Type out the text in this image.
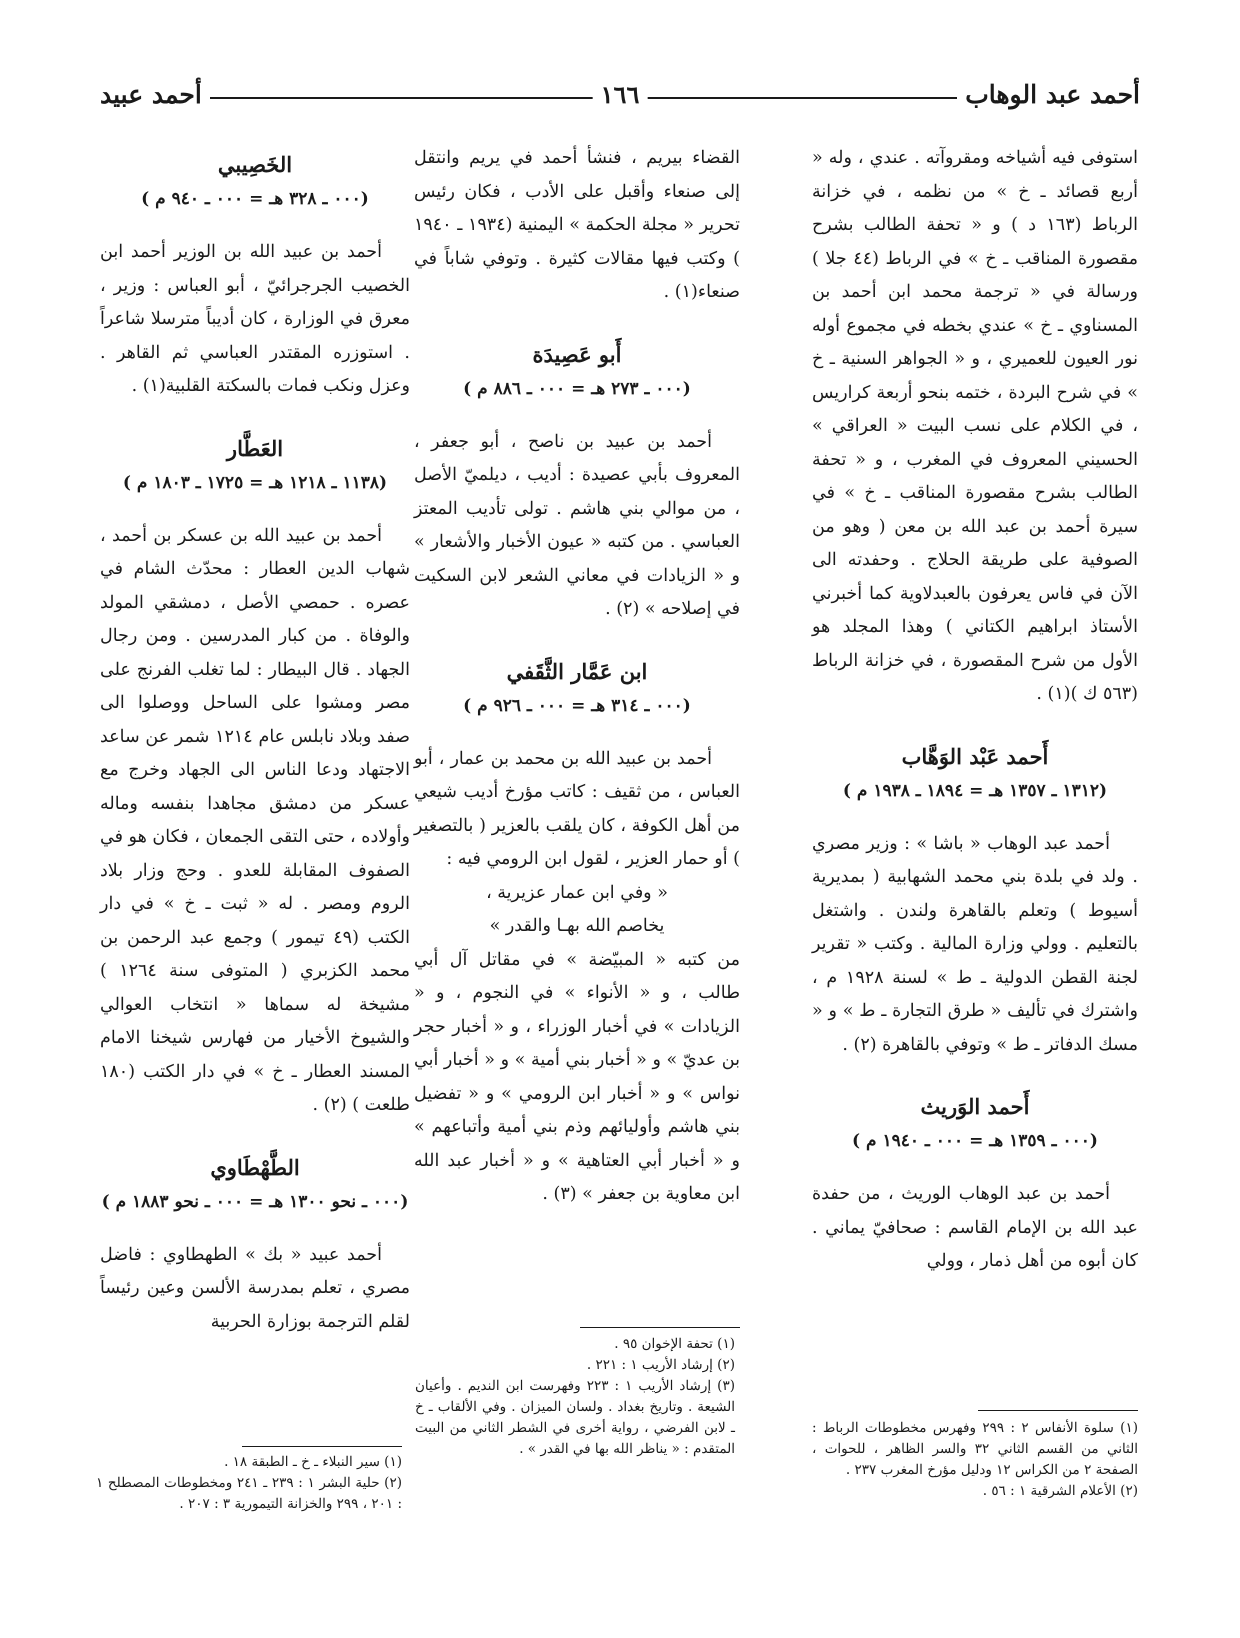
أحمد عبد الوهاب
١٦٦
أحمد عبيد

استوفى فيه أشياخه ومقروآته . عندي ، وله « أربع قصائد ـ خ » من نظمه ، في خزانة الرباط (١٦٣ د ) و « تحفة الطالب بشرح مقصورة المناقب ـ خ » في الرباط (٤٤ جلا ) ورسالة في « ترجمة محمد ابن أحمد بن المسناوي ـ خ » عندي بخطه في مجموع أوله نور العيون للعميري ، و « الجواهر السنية ـ خ » في شرح البردة ، ختمه بنحو أربعة كراريس ، في الكلام على نسب البيت « العراقي » الحسيني المعروف في المغرب ، و « تحفة الطالب بشرح مقصورة المناقب ـ خ » في سيرة أحمد بن عبد الله بن معن ( وهو من الصوفية على طريقة الحلاج . وحفدته الى الآن في فاس يعرفون بالعبدلاوية كما أخبرني الأستاذ ابراهيم الكتاني ) وهذا المجلد هو الأول من شرح المقصورة ، في خزانة الرباط (٥٦٣ ك )(١) .

أَحمد عَبْد الوَهَّاب
(١٣١٢ ـ ١٣٥٧ هـ = ١٨٩٤ ـ ١٩٣٨ م )

أحمد عبد الوهاب « باشا » : وزير مصري . ولد في بلدة بني محمد الشهابية ( بمديرية أسيوط ) وتعلم بالقاهرة ولندن . واشتغل بالتعليم . وولي وزارة المالية . وكتب « تقرير لجنة القطن الدولية ـ ط » لسنة ١٩٢٨ م ، واشترك في تأليف « طرق التجارة ـ ط » و « مسك الدفاتر ـ ط » وتوفي بالقاهرة (٢) .

أَحمد الوَريث
(٠٠٠ ـ ١٣٥٩ هـ = ٠٠٠ ـ ١٩٤٠ م )

أحمد بن عبد الوهاب الوريث ، من حفدة عبد الله بن الإمام القاسم : صحافيّ يماني . كان أبوه من أهل ذمار ، وولي

القضاء بيريم ، فنشأ أحمد في يريم وانتقل إلى صنعاء وأقبل على الأدب ، فكان رئيس تحرير « مجلة الحكمة » اليمنية (١٩٣٤ ـ ١٩٤٠ ) وكتب فيها مقالات كثيرة . وتوفي شاباً في صنعاء(١) .

أَبو عَصِيدَة
(٠٠٠ ـ ٢٧٣ هـ = ٠٠٠ ـ ٨٨٦ م )

أحمد بن عبيد بن ناصح ، أبو جعفر ، المعروف بأبي عصيدة : أديب ، ديلميّ الأصل ، من موالي بني هاشم . تولى تأديب المعتز العباسي . من كتبه « عيون الأخبار والأشعار » و « الزيادات في معاني الشعر لابن السكيت في إصلاحه » (٢) .

ابن عَمَّار الثَّقَفي
(٠٠٠ ـ ٣١٤ هـ = ٠٠٠ ـ ٩٢٦ م )

أحمد بن عبيد الله بن محمد بن عمار ، أبو العباس ، من ثقيف : كاتب مؤرخ أديب شيعي من أهل الكوفة ، كان يلقب بالعزير ( بالتصغير ) أو حمار العزير ، لقول ابن الرومي فيه :

« وفي ابن عمار عزيرية ،

يخاصم الله بهـا والقدر »

من كتبه « المبيّضة » في مقاتل آل أبي طالب ، و « الأنواء » في النجوم ، و « الزيادات » في أخبار الوزراء ، و « أخبار حجر بن عديّ » و « أخبار بني أمية » و « أخبار أبي نواس » و « أخبار ابن الرومي » و « تفضيل بني هاشم وأوليائهم وذم بني أمية وأتباعهم » و « أخبار أبي العتاهية » و « أخبار عبد الله ابن معاوية بن جعفر » (٣) .

الخَصِيبي
(٠٠٠ ـ ٣٢٨ هـ = ٠٠٠ ـ ٩٤٠ م )

أحمد بن عبيد الله بن الوزير أحمد ابن الخصيب الجرجرائيّ ، أبو العباس : وزير ، معرق في الوزارة ، كان أديباً مترسلا شاعراً . استوزره المقتدر العباسي ثم القاهر . وعزل ونكب فمات بالسكتة القلبية(١) .

العَطَّار
(١١٣٨ ـ ١٢١٨ هـ = ١٧٢٥ ـ ١٨٠٣ م )

أحمد بن عبيد الله بن عسكر بن أحمد ، شهاب الدين العطار : محدّث الشام في عصره . حمصي الأصل ، دمشقي المولد والوفاة . من كبار المدرسين . ومن رجال الجهاد . قال البيطار : لما تغلب الفرنج على مصر ومشوا على الساحل ووصلوا الى صفد وبلاد نابلس عام ١٢١٤ شمر عن ساعد الاجتهاد ودعا الناس الى الجهاد وخرج مع عسكر من دمشق مجاهدا بنفسه وماله وأولاده ، حتى التقى الجمعان ، فكان هو في الصفوف المقابلة للعدو . وحج وزار بلاد الروم ومصر . له « ثبت ـ خ » في دار الكتب (٤٩ تيمور ) وجمع عبد الرحمن بن محمد الكزبري ( المتوفى سنة ١٢٦٤ ) مشيخة له سماها « انتخاب العوالي والشيوخ الأخيار من فهارس شيخنا الامام المسند العطار ـ خ » في دار الكتب (١٨٠ طلعت ) (٢) .

الطَّهْطَاوي
(٠٠٠ ـ نحو ١٣٠٠ هـ = ٠٠٠ ـ نحو ١٨٨٣ م )

أحمد عبيد « بك » الطهطاوي : فاضل مصري ، تعلم بمدرسة الألسن وعين رئيساً لقلم الترجمة بوزارة الحربية

(١) سير النبلاء ـ خ ـ الطبقة ١٨ .

(٢) حلية البشر ١ : ٢٣٩ ـ ٢٤١ ومخطوطات المصطلح ١ : ٢٠١ ، ٢٩٩ والخزانة التيمورية ٣ : ٢٠٧ .

(١) تحفة الإخوان ٩٥ .

(٢) إرشاد الأريب ١ : ٢٢١ .

(٣) إرشاد الأريب ١ : ٢٢٣ وفهرست ابن النديم . وأعيان الشيعة . وتاريخ بغداد . ولسان الميزان . وفي الألقاب ـ خ ـ لابن الفرضي ، رواية أخرى في الشطر الثاني من البيت المتقدم : « يناظر الله بها في القدر » .

(١) سلوة الأنفاس ٢ : ٢٩٩ وفهرس مخطوطات الرباط : الثاني من القسم الثاني ٣٢ والسر الظاهر ، للحوات ، الصفحة ٢ من الكراس ١٢ ودليل مؤرخ المغرب ٢٣٧ .

(٢) الأعلام الشرقية ١ : ٥٦ .
